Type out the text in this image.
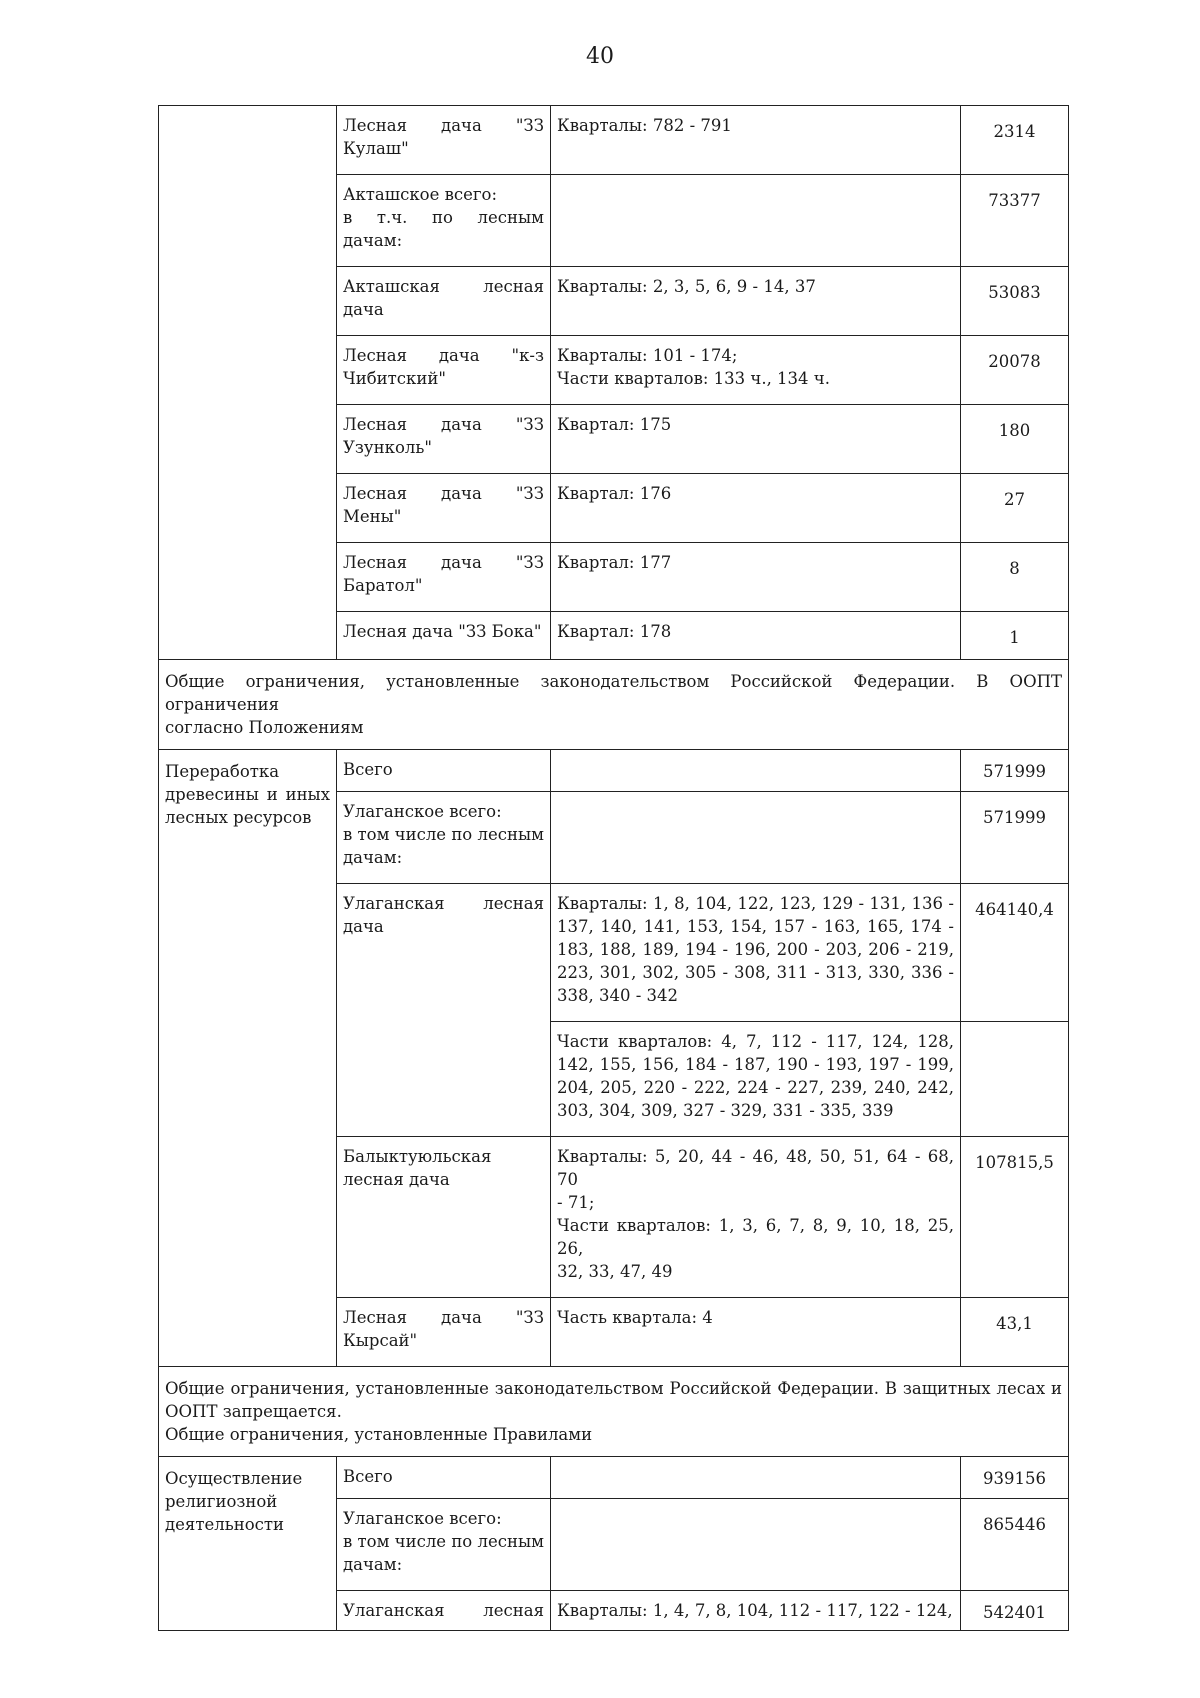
40

	Лесная дача "ЗЗ
Кулаш"	Кварталы: 782 - 791	2314

	Акташское всего:
в т.ч. по лесным
дачам:		73377

	Акташская лесная
дача	Кварталы: 2, 3, 5, 6, 9 - 14, 37	53083

	Лесная дача "к-з
Чибитский"	Кварталы: 101 - 174;
Части кварталов: 133 ч., 134 ч.	20078

	Лесная дача "ЗЗ
Узунколь"	Квартал: 175	180

	Лесная дача "ЗЗ
Мены"	Квартал: 176	27

	Лесная дача "ЗЗ
Баратол"	Квартал: 177	8

	Лесная дача "ЗЗ Бока"	Квартал: 178	1

Общие ограничения, установленные законодательством Российской Федерации. В ООПТ ограничения
согласно Положениям			

Переработка
древесины и иных
лесных ресурсов	Всего		571999

	Улаганское всего:
в том числе по лесным
дачам:		571999

	Улаганская лесная
дача	Кварталы: 1, 8, 104, 122, 123, 129 - 131, 136 -
137, 140, 141, 153, 154, 157 - 163, 165, 174 -
183, 188, 189, 194 - 196, 200 - 203, 206 - 219,
223, 301, 302, 305 - 308, 311 - 313, 330, 336 -
338, 340 - 342	464140,4

		Части кварталов: 4, 7, 112 - 117, 124, 128,
142, 155, 156, 184 - 187, 190 - 193, 197 - 199,
204, 205, 220 - 222, 224 - 227, 239, 240, 242,
303, 304, 309, 327 - 329, 331 - 335, 339	

	Балыктуюльская
лесная дача	Кварталы: 5, 20, 44 - 46, 48, 50, 51, 64 - 68, 70
- 71;
Части кварталов: 1, 3, 6, 7, 8, 9, 10, 18, 25, 26,
32, 33, 47, 49	107815,5

	Лесная дача "ЗЗ
Кырсай"	Часть квартала: 4	43,1

Общие ограничения, установленные законодательством Российской Федерации. В защитных лесах и
ООПТ запрещается.
Общие ограничения, установленные Правилами			

Осуществление
религиозной
деятельности	Всего		939156

	Улаганское всего:
в том числе по лесным
дачам:		865446

	Улаганская лесная	Кварталы: 1, 4, 7, 8, 104, 112 - 117, 122 - 124,	542401
